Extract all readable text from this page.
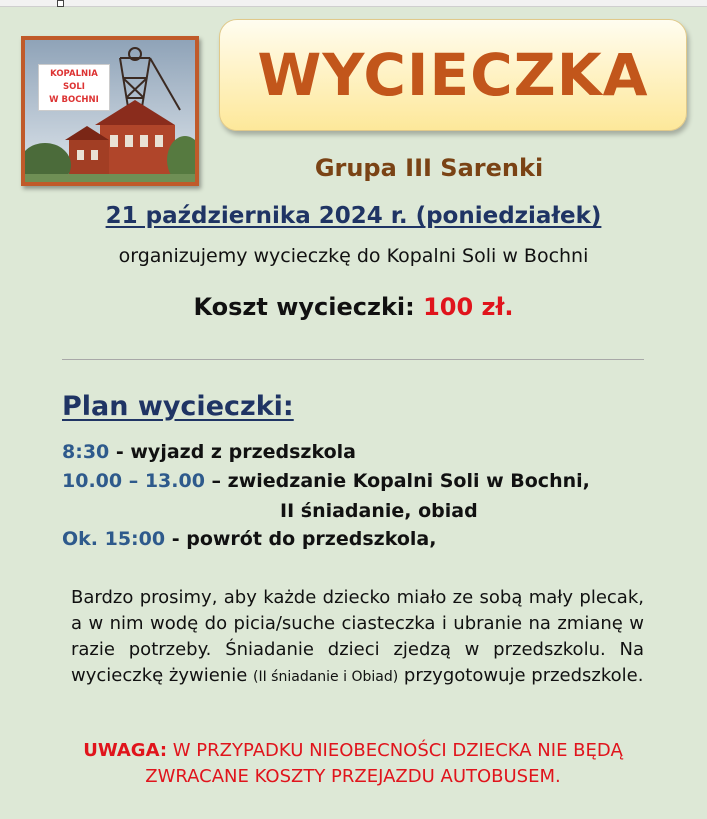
KOPALNIA
SOLI
W BOCHNI	WYCIECZKA
Grupa III Sarenki
21 października 2024 r. (poniedziałek)
organizujemy wycieczkę do Kopalni Soli w Bochni
Koszt wycieczki: 100 zł.
Plan wycieczki:
8:30 - wyjazd z przedszkola
10.00 – 13.00 – zwiedzanie Kopalni Soli w Bochni,
II śniadanie, obiad
Ok. 15:00 - powrót do przedszkola,
Bardzo prosimy, aby każde dziecko miało ze sobą mały plecak, a w nim wodę do picia/suche ciasteczka i ubranie na zmianę w razie potrzeby. Śniadanie dzieci zjedzą w przedszkolu. Na wycieczkę żywienie (II śniadanie i Obiad) przygotowuje przedszkole.
UWAGA: W PRZYPADKU NIEOBECNOŚCI DZIECKA NIE BĘDĄ ZWRACANE KOSZTY PRZEJAZDU AUTOBUSEM.
